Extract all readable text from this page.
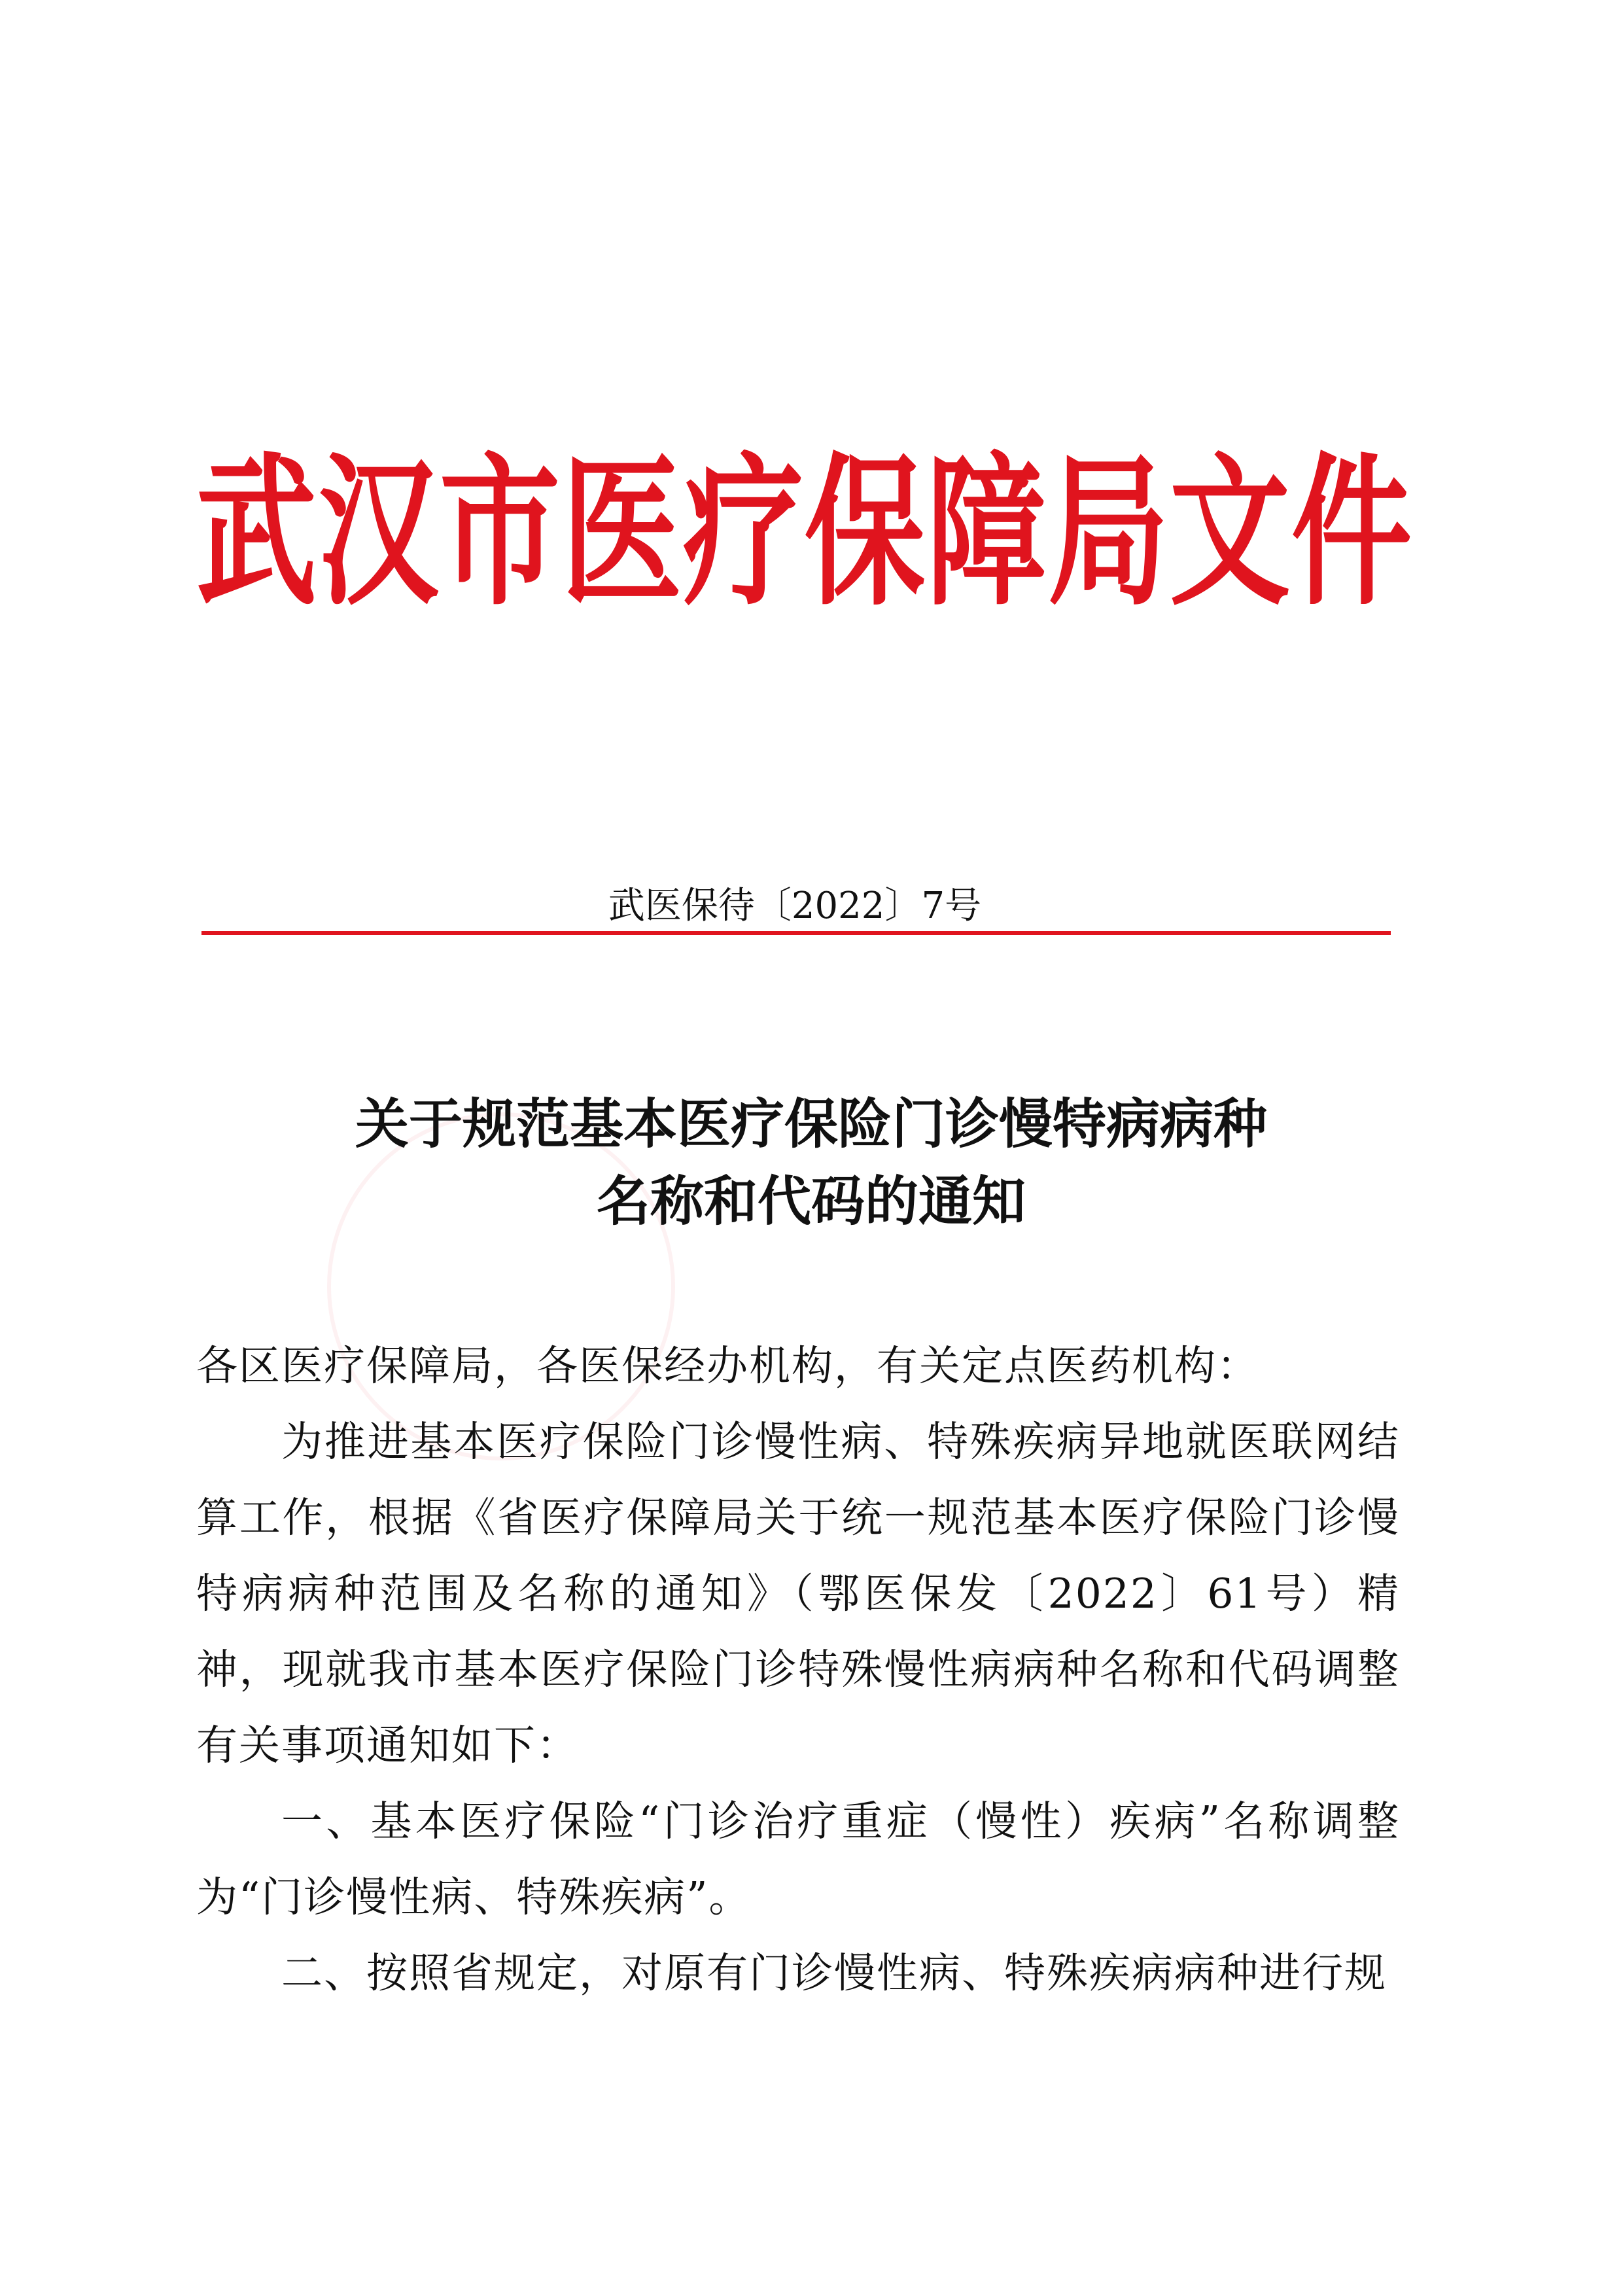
武汉市医疗保障局文件
武医保待〔2022〕7号
关于规范基本医疗保险门诊慢特病病种
名称和代码的通知

各区医疗保障局，各医保经办机构，有关定点医药机构：

为推进基本医疗保险门诊慢性病、特殊疾病异地就医联网结算工作，根据《省医疗保障局关于统一规范基本医疗保险门诊慢特病病种范围及名称的通知》（鄂医保发〔2022〕61号）精神，现就我市基本医疗保险门诊特殊慢性病病种名称和代码调整有关事项通知如下：

一、基本医疗保险“门诊治疗重症（慢性）疾病”名称调整为“门诊慢性病、特殊疾病”。

二、按照省规定，对原有门诊慢性病、特殊疾病病种进行规
